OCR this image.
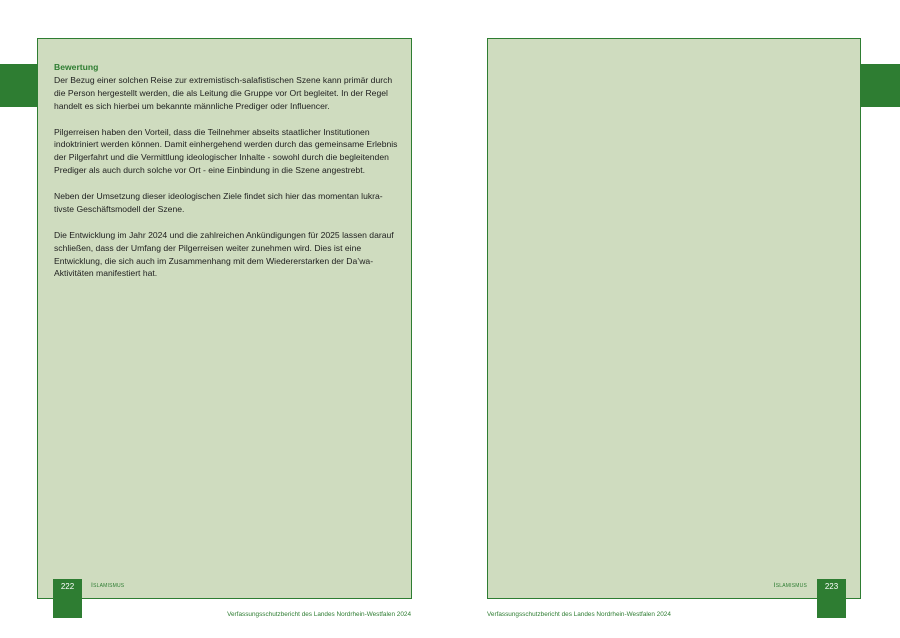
Bewertung

Der Bezug einer solchen Reise zur extremistisch-salafistischen Szene kann primär durch die Person hergestellt werden, die als Leitung die Gruppe vor Ort begleitet. In der Regel handelt es sich hierbei um bekannte männliche Prediger oder Influencer.

Pilgerreisen haben den Vorteil, dass die Teilnehmer abseits staatlicher Institutionen indoktriniert werden können. Damit einhergehend werden durch das gemeinsame Erlebnis der Pilgerfahrt und die Vermittlung ideologischer Inhalte - sowohl durch die begleitenden Prediger als auch durch solche vor Ort - eine Einbindung in die Szene angestrebt.

Neben der Umsetzung dieser ideologischen Ziele findet sich hier das momentan lukrativste Geschäftsmodell der Szene.

Die Entwicklung im Jahr 2024 und die zahlreichen Ankündigungen für 2025 lassen darauf schließen, dass der Umfang der Pilgerreisen weiter zunehmen wird. Dies ist eine Entwicklung, die sich auch im Zusammenhang mit dem Wiedererstarken der Da’wa-Aktivitäten manifestiert hat.

222	Islamismus
Verfassungsschutzbericht des Landes Nordrhein-Westfalen 2024
223
Islamismus
Verfassungsschutzbericht des Landes Nordrhein-Westfalen 2024
